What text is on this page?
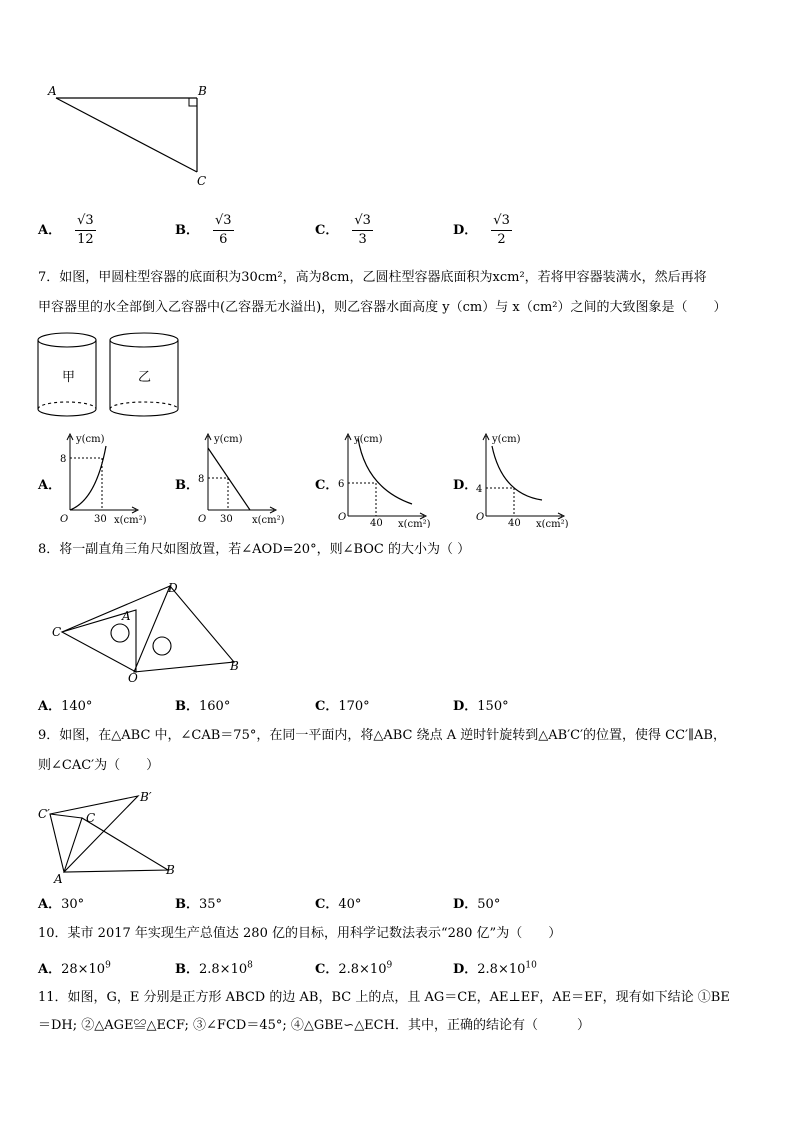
A	B
C
A． $\frac{√3}{12}$	B． $\frac{√3}{6}$	C． $\frac{√3}{3}$	D． $\frac{√3}{2}$
7．如图，甲圆柱型容器的底面积为30cm²，高为8cm，乙圆柱型容器底面积为xcm²，若将甲容器装满水，然后再将
甲容器里的水全部倒入乙容器中(乙容器无水溢出)，则乙容器水面高度 y（cm）与 x（cm²）之间的大致图象是（　　）
甲	乙
A．
y(cm)
8
O	30 x(cm²)
B．
y(cm)
8
O 30 x(cm²)
C．
y(cm)
6
O
40 x(cm²)
D．
y(cm)
4
O
40 x(cm²)
8．将一副直角三角尺如图放置，若∠AOD=20°，则∠BOC 的大小为（ ）
D
A
C
O
B
A．140°	B．160°	C．170°	D．150°
9．如图，在△ABC 中，∠CAB＝75°，在同一平面内，将△ABC 绕点 A 逆时针旋转到△AB′C′的位置，使得 CC′∥AB，
则∠CAC′为（　　）
B′
C′	C
A
B
A．30°	B．35°	C．40°	D．50°
10．某市 2017 年实现生产总值达 280 亿的目标，用科学记数法表示“280 亿”为（　　）
A．$28\times 10^9$	B．$2.8\times 10^8$	C．$2.8\times 10^9$	D．$2.8\times 10^{10}$
11．如图，G，E 分别是正方形 ABCD 的边 AB，BC 上的点，且 AG＝CE，AE⊥EF，AE＝EF，现有如下结论 ①BE
＝DH; ②△AGE≌△ECF; ③∠FCD＝45°; ④△GBE∽△ECH．其中，正确的结论有（　　　）
